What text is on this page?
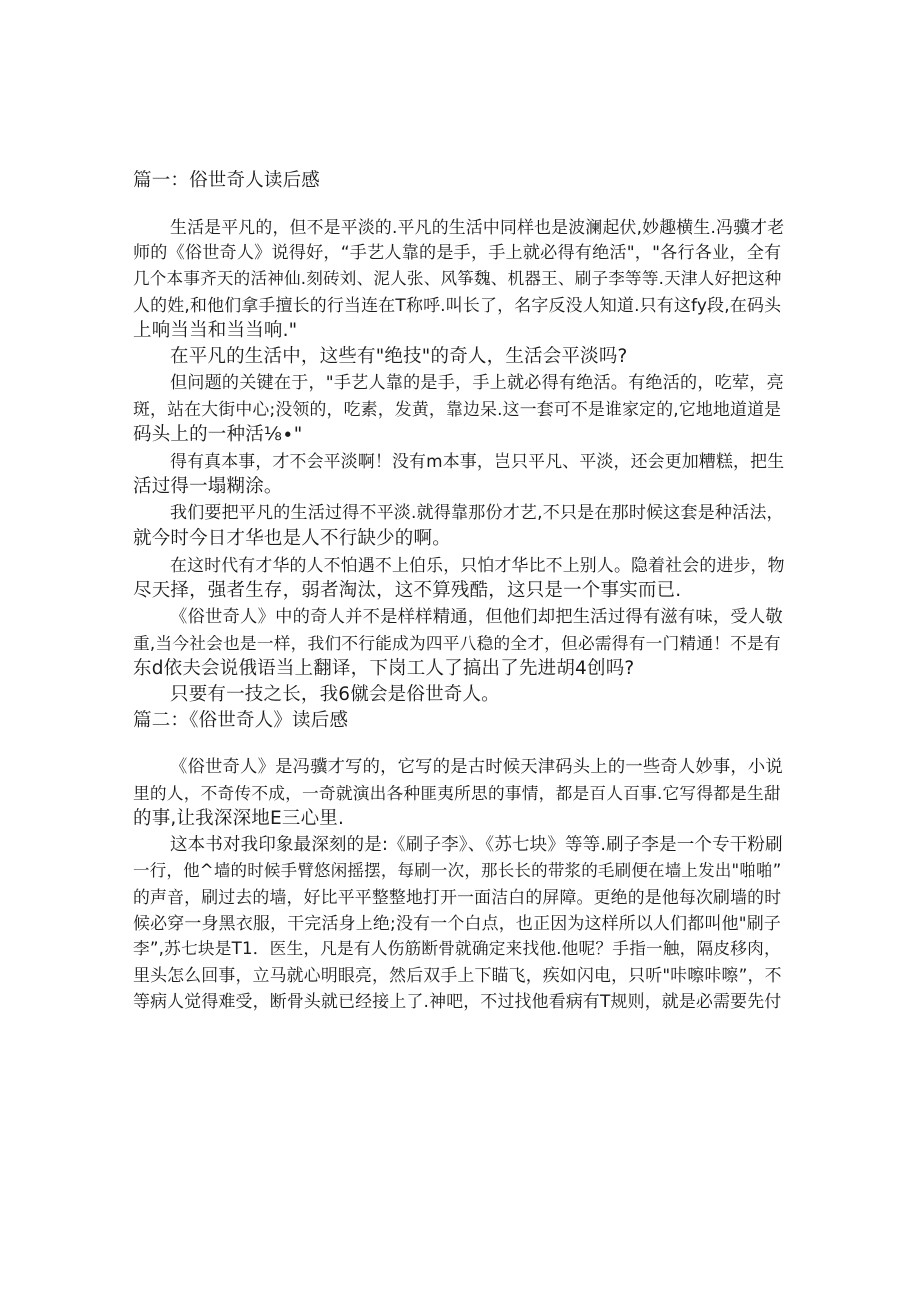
篇一：俗世奇人读后感

生活是平凡的，但不是平淡的.平凡的生活中同样也是波澜起伏,妙趣横生.冯骥才老
师的《俗世奇人》说得好，“手艺人靠的是手，手上就必得有绝活"，"各行各业，全有
几个本事齐天的活神仙.刻砖刘、泥人张、风筝魏、机器王、刷子李等等.天津人好把这种
人的姓,和他们拿手擅长的行当连在T称呼.叫长了，名字反没人知道.只有这fy段,在码头
上响当当和当当响."

在平凡的生活中，这些有"绝技"的奇人，生活会平淡吗?

但问题的关键在于，"手艺人靠的是手，手上就必得有绝活。有绝活的，吃荤，亮
斑，站在大街中心;没领的，吃素，发黄，靠边呆.这一套可不是谁家定的,它地地道道是
码头上的一种活⅛∙"

得有真本事，才不会平淡啊！没有m本事，岂只平凡、平淡，还会更加糟糕，把生
活过得一塌糊涂。

我们要把平凡的生活过得不平淡.就得靠那份才艺,不只是在那时候这套是种活法，
就今时今日才华也是人不行缺少的啊。

在这时代有才华的人不怕遇不上伯乐，只怕才华比不上别人。隐着社会的进步，物
尽天择，强者生存，弱者淘汰，这不算残酷，这只是一个事实而已.

《俗世奇人》中的奇人并不是样样精通，但他们却把生活过得有滋有味，受人敬
重,当今社会也是一样，我们不行能成为四平八稳的全才，但必需得有一门精通！不是有
东d依夫会说俄语当上翻译，下岗工人了搞出了先进胡4创吗?

只要有一技之长，我6僦会是俗世奇人。

篇二：《俗世奇人》读后感

《俗世奇人》是冯骥才写的，它写的是古时候天津码头上的一些奇人妙事，小说
里的人，不奇传不成，一奇就演出各种匪夷所思的事情，都是百人百事.它写得都是生甜
的事,让我深深地E三心里.

这本书对我印象最深刻的是:《刷子李》、《苏七块》等等.刷子李是一个专干粉刷
一行，他^墙的时候手臂悠闲摇摆，每刷一次，那长长的带浆的毛刷便在墙上发出"啪啪”
的声音，刷过去的墙，好比平平整整地打开一面洁白的屏障。更绝的是他每次刷墙的时
候必穿一身黑衣服，干完活身上绝;没有一个白点，也正因为这样所以人们都叫他"刷子
李”,苏七块是T1．医生，凡是有人伤筋断骨就确定来找他.他呢？手指一触，隔皮移肉，
里头怎么回事，立马就心明眼亮，然后双手上下瞄飞，疾如闪电，只听"咔嚓咔嚓”，不
等病人觉得难受，断骨头就已经接上了.神吧，不过找他看病有T规则，就是必需要先付
